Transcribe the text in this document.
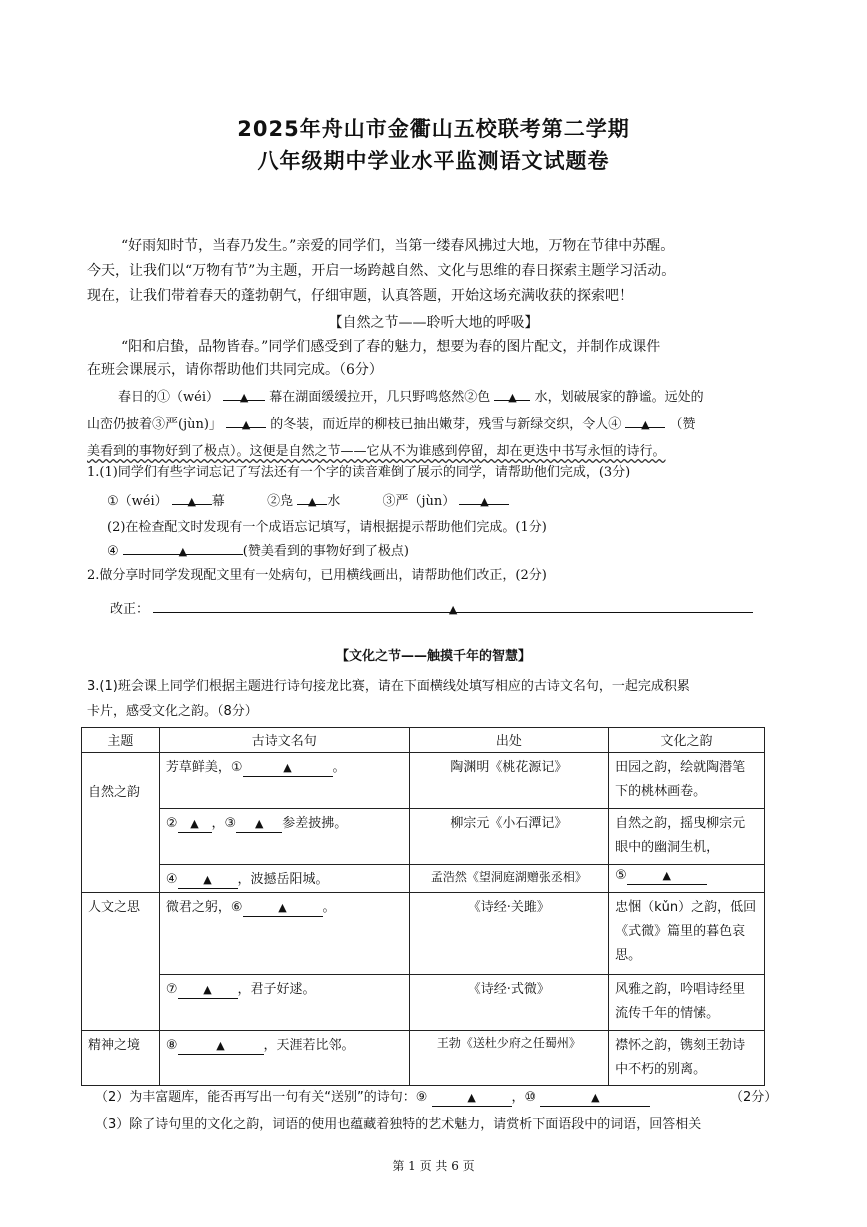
2025年舟山市金衢山五校联考第二学期
八年级期中学业水平监测语文试题卷
“好雨知时节，当春乃发生。”亲爱的同学们，当第一缕春风拂过大地，万物在节律中苏醒。
今天，让我们以“万物有节”为主题，开启一场跨越自然、文化与思维的春日探索主题学习活动。
现在，让我们带着春天的蓬勃朝气，仔细审题，认真答题，开始这场充满收获的探索吧！
【自然之节——聆听大地的呼吸】
“阳和启蛰，品物皆春。”同学们感受到了春的魅力，想要为春的图片配文，并制作成课件
在班会课展示，请你帮助他们共同完成。（6分）
春日的①（wéi） ▲ 幕在湖面缓缓拉开，几只野鸣悠然②色 ▲ 水，划破展家的静谧。远处的
山峦仍披着③严(jùn)」 ▲ 的冬装，而近岸的柳枝已抽出嫩芽，残雪与新绿交织，令人④ ▲ （赞
美看到的事物好到了极点）。这便是自然之节——它从不为谁感到停留，却在更迭中书写永恒的诗行。
1.(1)同学们有些字词忘记了写法还有一个字的读音难倒了展示的同学，请帮助他们完成，(3分)
①（wéi） ▲ 幕	②凫 ▲ 水	③严（jùn） ▲
(2)在检查配文时发现有一个成语忘记填写，请根据提示帮助他们完成。(1分)
④	▲	(赞美看到的事物好到了极点)
2.做分享时同学发现配文里有一处病句，已用横线画出，请帮助他们改正，(2分)
改正：	▲
【文化之节——触摸千年的智慧】
3.(1)班会课上同学们根据主题进行诗句接龙比赛，请在下面横线处填写相应的古诗文名句，一起完成积累
卡片，感受文化之韵。（8分）
主题	古诗文名句	出处	文化之韵
自然之韵	芳草鲜美，① ▲ 。	陶渊明《桃花源记》	田园之韵，绘就陶潜笔下的桃林画卷。
	② ▲ ，③ ▲ 参差披拂。	柳宗元《小石潭记》	自然之韵，摇曳柳宗元眼中的幽洞生机，
	④ ▲ ，波撼岳阳城。	孟浩然《望洞庭湖赠张丞相》	⑤ ▲
人文之思	微君之躬，⑥ ▲ 。	《诗经·关雎》	忠悃（kǔn）之韵，低回《式微》篇里的暮色哀思。
	⑦ ▲ ，君子好逑。	《诗经·式微》	风雅之韵，吟唱诗经里流传千年的情愫。
精神之境	⑧ ▲ ，天涯若比邻。	王勃《送杜少府之任蜀州》	襟怀之韵，镌刻王勃诗中不朽的别离。
（2）为丰富题库，能否再写出一句有关“送别”的诗句：⑨	▲	，⑩	▲	（2分）
（3）除了诗句里的文化之韵，词语的使用也蕴藏着独特的艺术魅力，请赏析下面语段中的词语，回答相关
第 1 页 共 6 页
